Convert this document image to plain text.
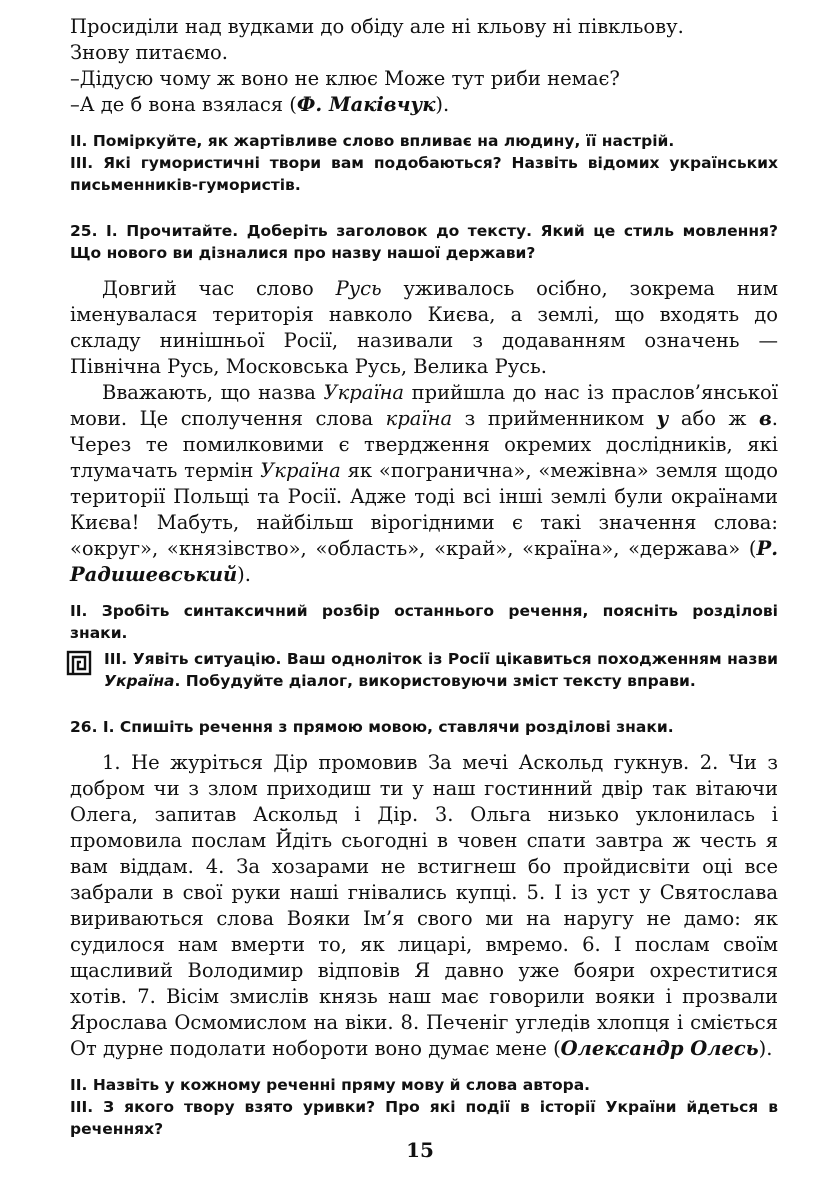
Просиділи над вудками до обіду але ні кльову ні півкльову.

Знову питаємо.

–Дідусю чому ж воно не клює Може тут риби немає?

–А де б вона взялася (Ф. Маківчук).

II. Поміркуйте, як жартівливе слово впливає на людину, її настрій.

III. Які гумористичні твори вам подобаються? Назвіть відомих українських письменників-гумористів.

25. I. Прочитайте. Доберіть заголовок до тексту. Який це стиль мовлення? Що нового ви дізналися про назву нашої держави?

Довгий час слово Русь уживалось осібно, зокрема ним іменувалася територія навколо Києва, а землі, що входять до складу нинішньої Росії, називали з додаванням означень — Північна Русь, Московська Русь, Велика Русь.

Вважають, що назва Україна прийшла до нас із праслов’янської мови. Це сполучення слова країна з прийменником у або ж в. Через те помилковими є твердження окремих дослідників, які тлумачать термін Україна як «погранична», «межівна» земля щодо території Польщі та Росії. Адже тоді всі інші землі були окраїнами Києва! Мабуть, найбільш вірогідними є такі значення слова: «округ», «князівство», «область», «край», «країна», «держава» (Р. Радишевський).

II. Зробіть синтаксичний розбір останнього речення, поясніть розділові знаки.

III. Уявіть ситуацію. Ваш одноліток із Росії цікавиться походженням назви Україна. Побудуйте діалог, використовуючи зміст тексту вправи.

26. I. Спишіть речення з прямою мовою, ставлячи розділові знаки.

1. Не журіться Дір промовив За мечі Аскольд гукнув. 2. Чи з добром чи з злом приходиш ти у наш гостинний двір так вітаючи Олега, запитав Аскольд і Дір. 3. Ольга низько уклонилась і промовила послам Йдіть сьогодні в човен спати завтра ж честь я вам віддам. 4. За хозарами не встигнеш бо пройдисвіти оці все забрали в свої руки наші гнівались купці. 5. І із уст у Святослава вириваються слова Вояки Ім’я свого ми на наругу не дамо: як судилося нам вмерти то, як лицарі, вмремо. 6. І послам своїм щасливий Володимир відповів Я давно уже бояри охреститися хотів. 7. Вісім змислів князь наш має говорили вояки і прозвали Ярослава Осмомислом на віки. 8. Печеніг угледів хлопця і сміється От дурне подолати нобороти воно думає мене (Олександр Олесь).

II. Назвіть у кожному реченні пряму мову й слова автора.

III. З якого твору взято уривки? Про які події в історії України йдеться в реченнях?

15
